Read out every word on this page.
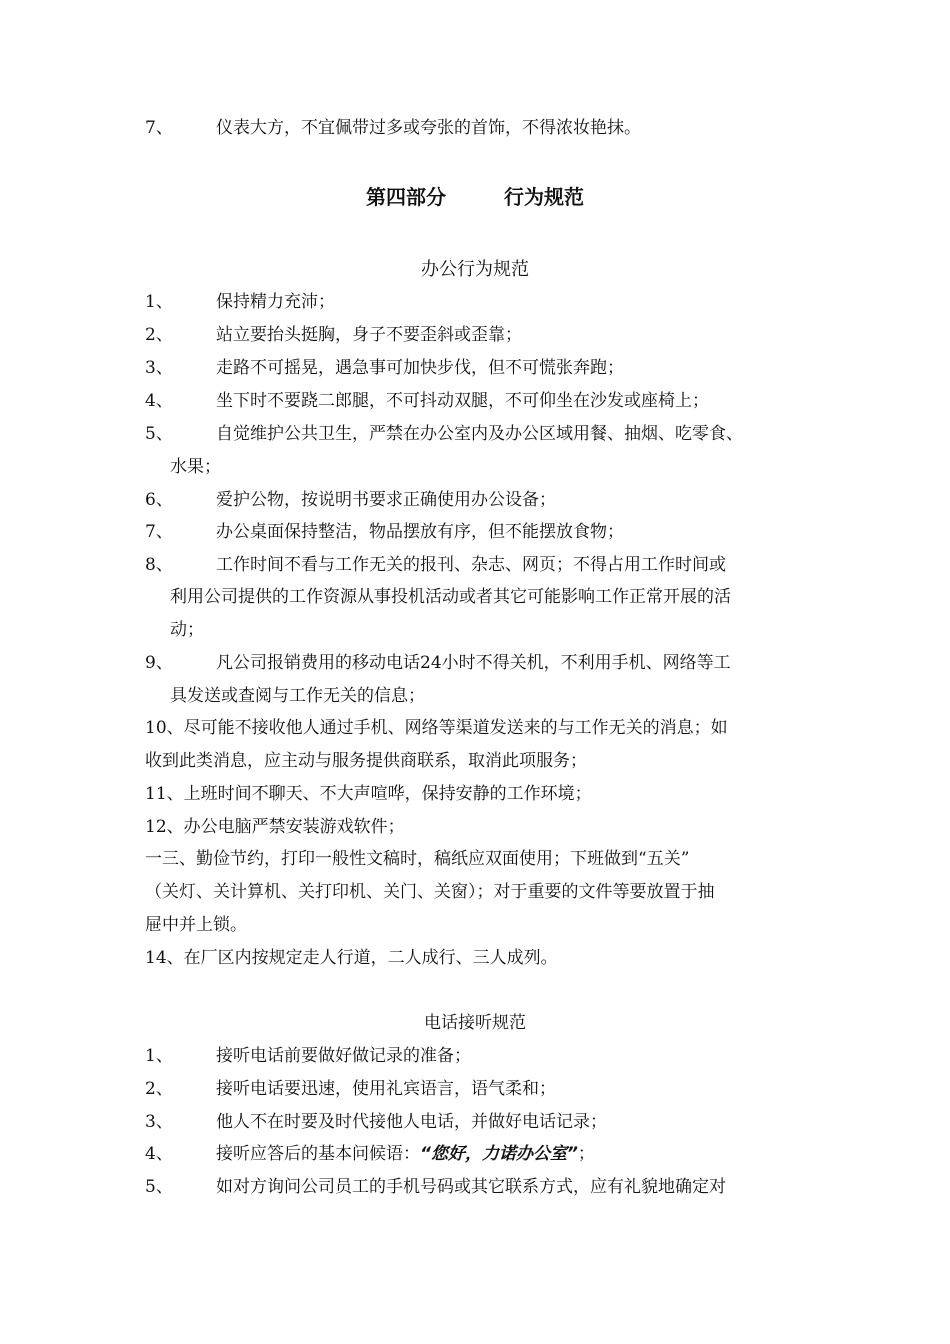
7、	仪表大方，不宜佩带过多或夸张的首饰，不得浓妆艳抹。
第四部分	行为规范
办公行为规范
1、	保持精力充沛；
2、	站立要抬头挺胸，身子不要歪斜或歪靠；
3、	走路不可摇晃，遇急事可加快步伐，但不可慌张奔跑；
4、	坐下时不要跷二郎腿，不可抖动双腿，不可仰坐在沙发或座椅上；
5、	自觉维护公共卫生，严禁在办公室内及办公区域用餐、抽烟、吃零食、
水果；
6、	爱护公物，按说明书要求正确使用办公设备；
7、	办公桌面保持整洁，物品摆放有序，但不能摆放食物；
8、	工作时间不看与工作无关的报刊、杂志、网页；不得占用工作时间或
利用公司提供的工作资源从事投机活动或者其它可能影响工作正常开展的活
动；
9、	凡公司报销费用的移动电话24小时不得关机，不利用手机、网络等工
具发送或查阅与工作无关的信息；
10、尽可能不接收他人通过手机、网络等渠道发送来的与工作无关的消息；如
收到此类消息，应主动与服务提供商联系，取消此项服务；
11、上班时间不聊天、不大声喧哗，保持安静的工作环境；
12、办公电脑严禁安装游戏软件；
一三、勤俭节约，打印一般性文稿时，稿纸应双面使用；下班做到“五关”
（关灯、关计算机、关打印机、关门、关窗）；对于重要的文件等要放置于抽
屉中并上锁。
14、在厂区内按规定走人行道，二人成行、三人成列。
电话接听规范
1、	接听电话前要做好做记录的准备；
2、	接听电话要迅速，使用礼宾语言，语气柔和；
3、	他人不在时要及时代接他人电话，并做好电话记录；
4、	接听应答后的基本问候语：“您好，力诺办公室”；
5、	如对方询问公司员工的手机号码或其它联系方式，应有礼貌地确定对
